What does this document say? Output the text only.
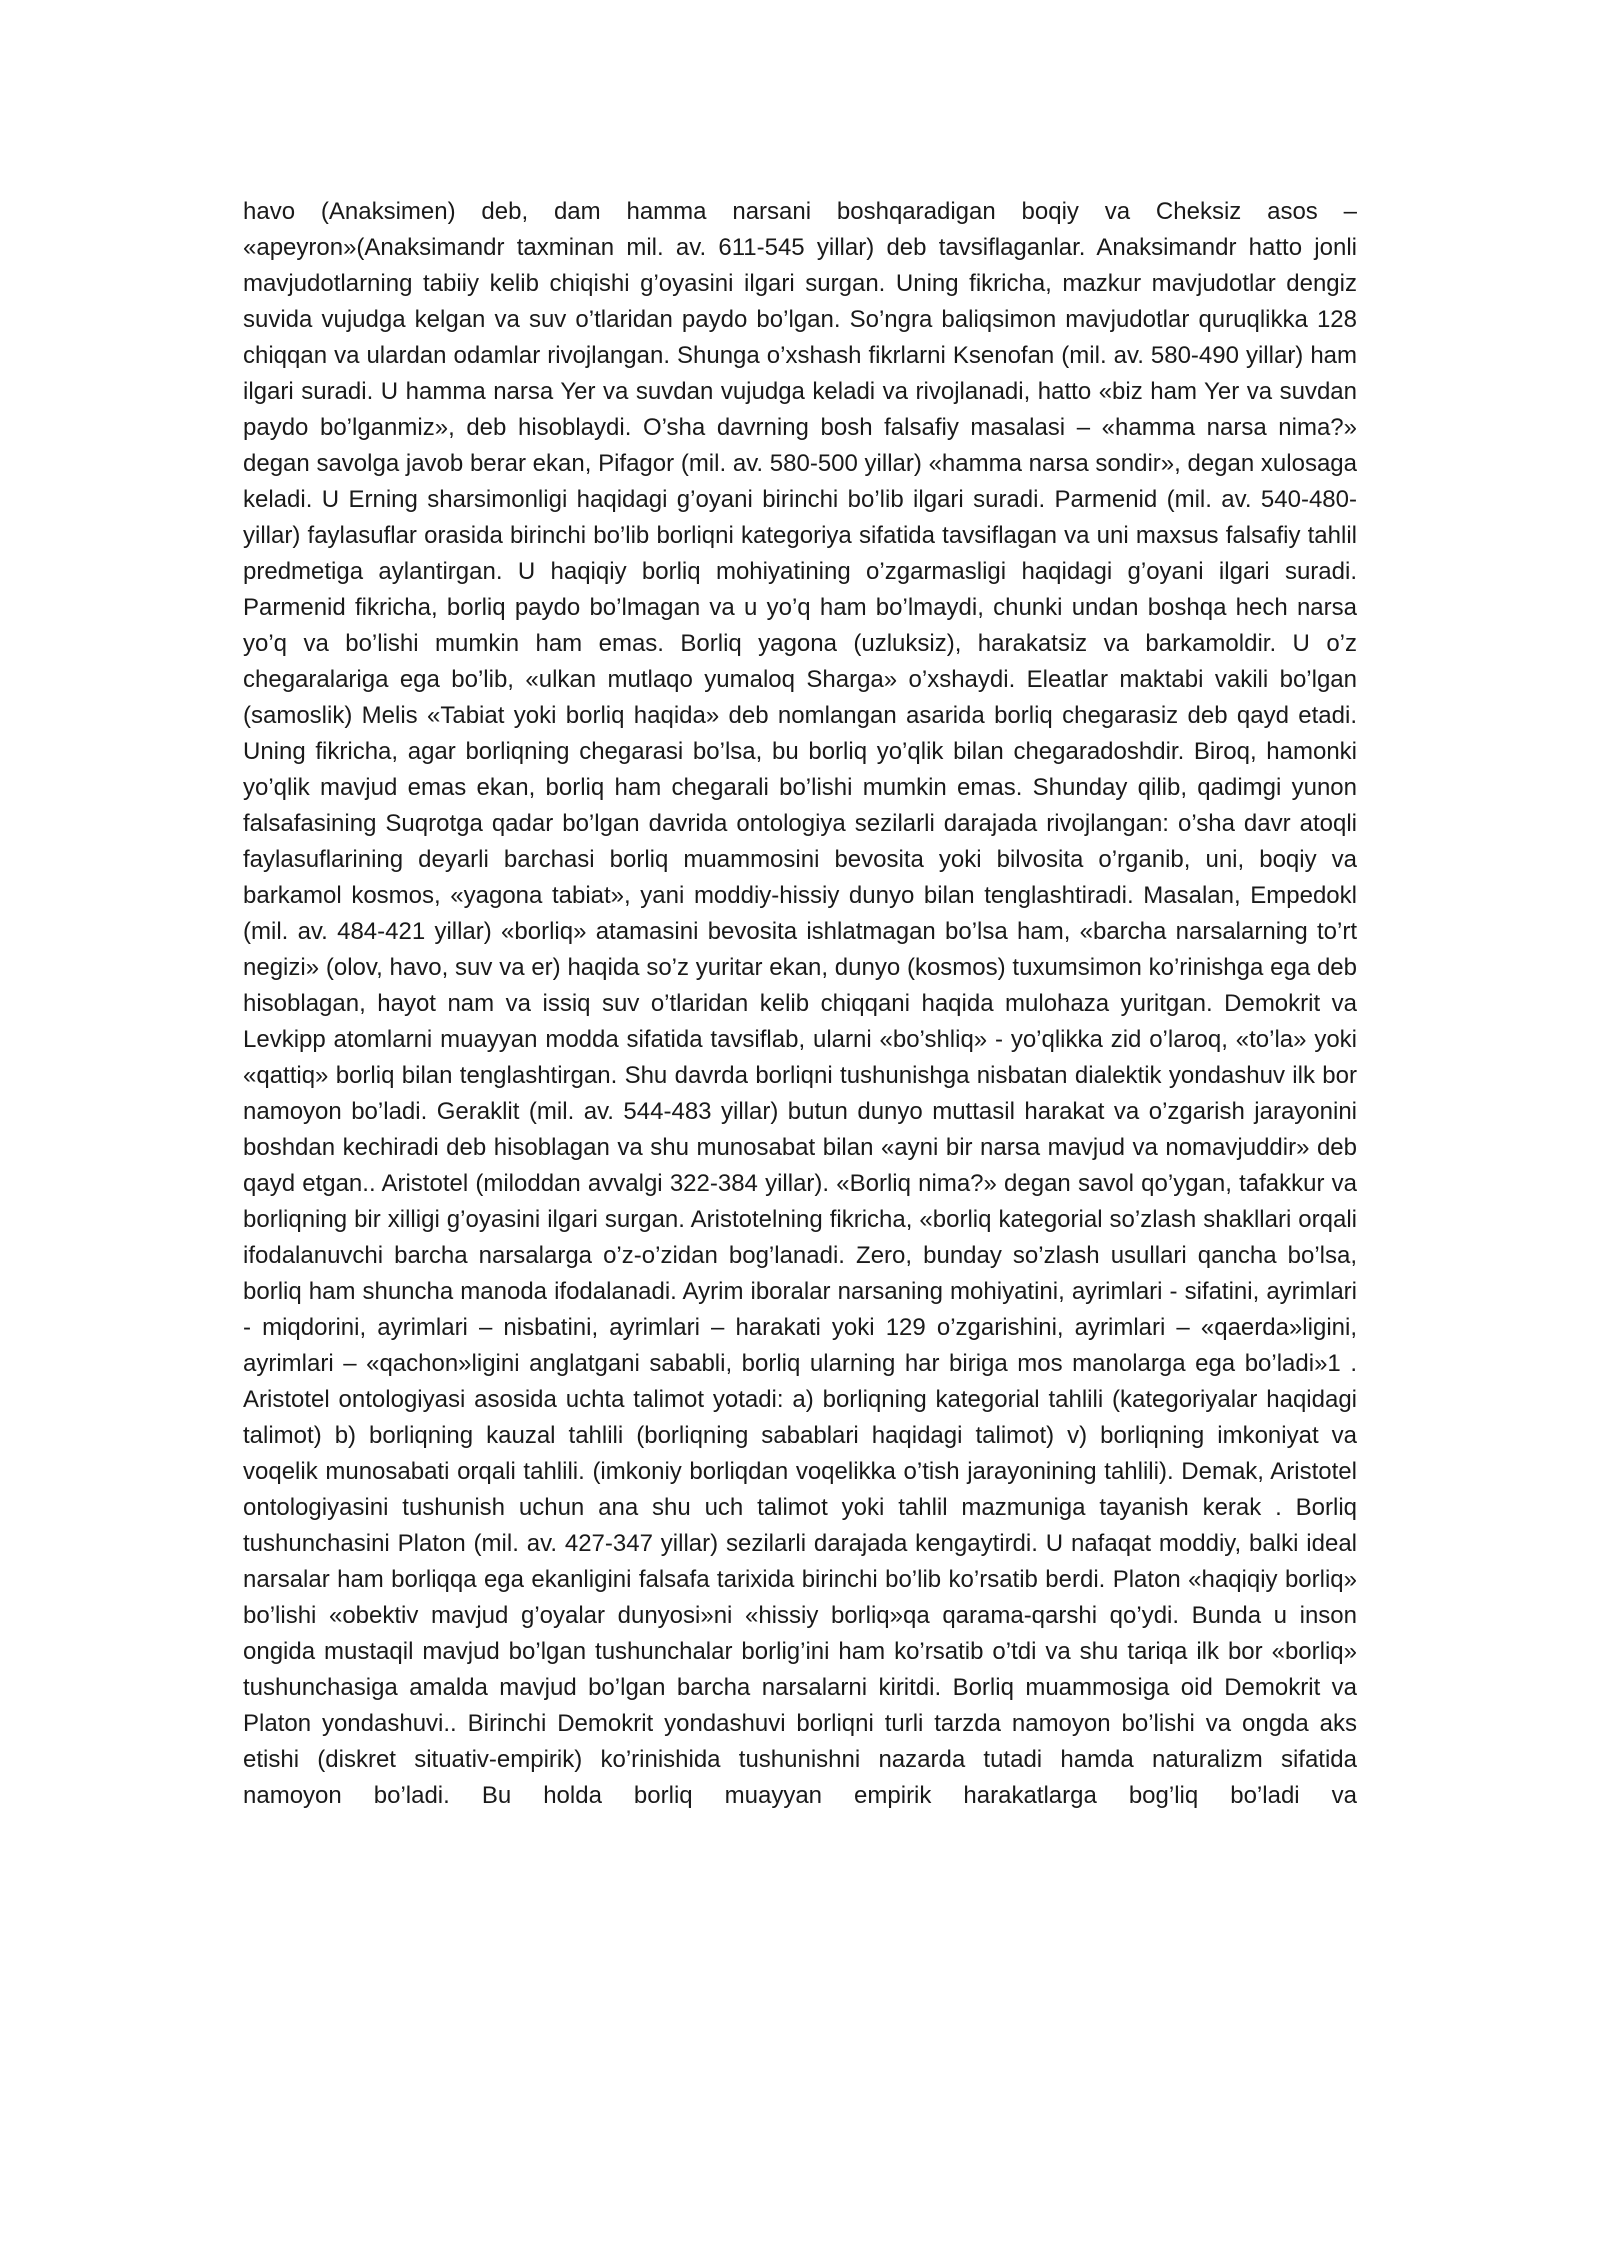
havo (Anaksimen) deb, dam hamma narsani boshqaradigan boqiy va Cheksiz asos – «apeyron»(Anaksimandr taxminan mil. av. 611-545 yillar) deb tavsiflaganlar. Anaksimandr hatto jonli mavjudotlarning tabiiy kelib chiqishi g’oyasini ilgari surgan. Uning fikricha, mazkur mavjudotlar dengiz suvida vujudga kelgan va suv o’tlaridan paydo bo’lgan. So’ngra baliqsimon mavjudotlar quruqlikka 128 chiqqan va ulardan odamlar rivojlangan. Shunga o’xshash fikrlarni Ksenofan (mil. av. 580-490 yillar) ham ilgari suradi. U hamma narsa Yer va suvdan vujudga keladi va rivojlanadi, hatto «biz ham Yer va suvdan paydo bo’lganmiz», deb hisoblaydi. O’sha davrning bosh falsafiy masalasi – «hamma narsa nima?» degan savolga javob berar ekan, Pifagor (mil. av. 580-500 yillar) «hamma narsa sondir», degan xulosaga keladi. U Erning sharsimonligi haqidagi g’oyani birinchi bo’lib ilgari suradi. Parmenid (mil. av. 540-480-yillar) faylasuflar orasida birinchi bo’lib borliqni kategoriya sifatida tavsiflagan va uni maxsus falsafiy tahlil predmetiga aylantirgan. U haqiqiy borliq mohiyatining o’zgarmasligi haqidagi g’oyani ilgari suradi. Parmenid fikricha, borliq paydo bo’lmagan va u yo’q ham bo’lmaydi, chunki undan boshqa hech narsa yo’q va bo’lishi mumkin ham emas. Borliq yagona (uzluksiz), harakatsiz va barkamoldir. U o’z chegaralariga ega bo’lib, «ulkan mutlaqo yumaloq Sharga» o’xshaydi. Eleatlar maktabi vakili bo’lgan (samoslik) Melis «Tabiat yoki borliq haqida» deb nomlangan asarida borliq chegarasiz deb qayd etadi. Uning fikricha, agar borliqning chegarasi bo’lsa, bu borliq yo’qlik bilan chegaradoshdir. Biroq, hamonki yo’qlik mavjud emas ekan, borliq ham chegarali bo’lishi mumkin emas. Shunday qilib, qadimgi yunon falsafasining Suqrotga qadar bo’lgan davrida ontologiya sezilarli darajada rivojlangan: o’sha davr atoqli faylasuflarining deyarli barchasi borliq muammosini bevosita yoki bilvosita o’rganib, uni, boqiy va barkamol kosmos, «yagona tabiat», yani moddiy-hissiy dunyo bilan tenglashtiradi. Masalan, Empedokl (mil. av. 484-421 yillar) «borliq» atamasini bevosita ishlatmagan bo’lsa ham, «barcha narsalarning to’rt negizi» (olov, havo, suv va er) haqida so’z yuritar ekan, dunyo (kosmos) tuxumsimon ko’rinishga ega deb hisoblagan, hayot nam va issiq suv o’tlaridan kelib chiqqani haqida mulohaza yuritgan. Demokrit va Levkipp atomlarni muayyan modda sifatida tavsiflab, ularni «bo’shliq» - yo’qlikka zid o’laroq, «to’la» yoki «qattiq» borliq bilan tenglashtirgan. Shu davrda borliqni tushunishga nisbatan dialektik yondashuv ilk bor namoyon bo’ladi. Geraklit (mil. av. 544-483 yillar) butun dunyo muttasil harakat va o’zgarish jarayonini boshdan kechiradi deb hisoblagan va shu munosabat bilan «ayni bir narsa mavjud va nomavjuddir» deb qayd etgan.. Aristotel (miloddan avvalgi 322-384 yillar). «Borliq nima?» degan savol qo’ygan, tafakkur va borliqning bir xilligi g’oyasini ilgari surgan. Aristotelning fikricha, «borliq kategorial so’zlash shakllari orqali ifodalanuvchi barcha narsalarga o’z-o’zidan bog’lanadi. Zero, bunday so’zlash usullari qancha bo’lsa, borliq ham shuncha manoda ifodalanadi. Ayrim iboralar narsaning mohiyatini, ayrimlari - sifatini, ayrimlari - miqdorini, ayrimlari – nisbatini, ayrimlari – harakati yoki 129 o’zgarishini, ayrimlari – «qaerda»ligini, ayrimlari – «qachon»ligini anglatgani sababli, borliq ularning har biriga mos manolarga ega bo’ladi»1 . Aristotel ontologiyasi asosida uchta talimot yotadi: a) borliqning kategorial tahlili (kategoriyalar haqidagi talimot) b) borliqning kauzal tahlili (borliqning sabablari haqidagi talimot) v) borliqning imkoniyat va voqelik munosabati orqali tahlili. (imkoniy borliqdan voqelikka o’tish jarayonining tahlili). Demak, Aristotel ontologiyasini tushunish uchun ana shu uch talimot yoki tahlil mazmuniga tayanish kerak . Borliq tushunchasini Platon (mil. av. 427-347 yillar) sezilarli darajada kengaytirdi. U nafaqat moddiy, balki ideal narsalar ham borliqqa ega ekanligini falsafa tarixida birinchi bo’lib ko’rsatib berdi. Platon «haqiqiy borliq» bo’lishi «obektiv mavjud g’oyalar dunyosi»ni «hissiy borliq»qa qarama-qarshi qo’ydi. Bunda u inson ongida mustaqil mavjud bo’lgan tushunchalar borlig’ini ham ko’rsatib o’tdi va shu tariqa ilk bor «borliq» tushunchasiga amalda mavjud bo’lgan barcha narsalarni kiritdi. Borliq muammosiga oid Demokrit va Platon yondashuvi.. Birinchi Demokrit yondashuvi borliqni turli tarzda namoyon bo’lishi va ongda aks etishi (diskret situativ-empirik) ko’rinishida tushunishni nazarda tutadi hamda naturalizm sifatida namoyon bo’ladi. Bu holda borliq muayyan empirik harakatlarga bog’liq bo’ladi va
